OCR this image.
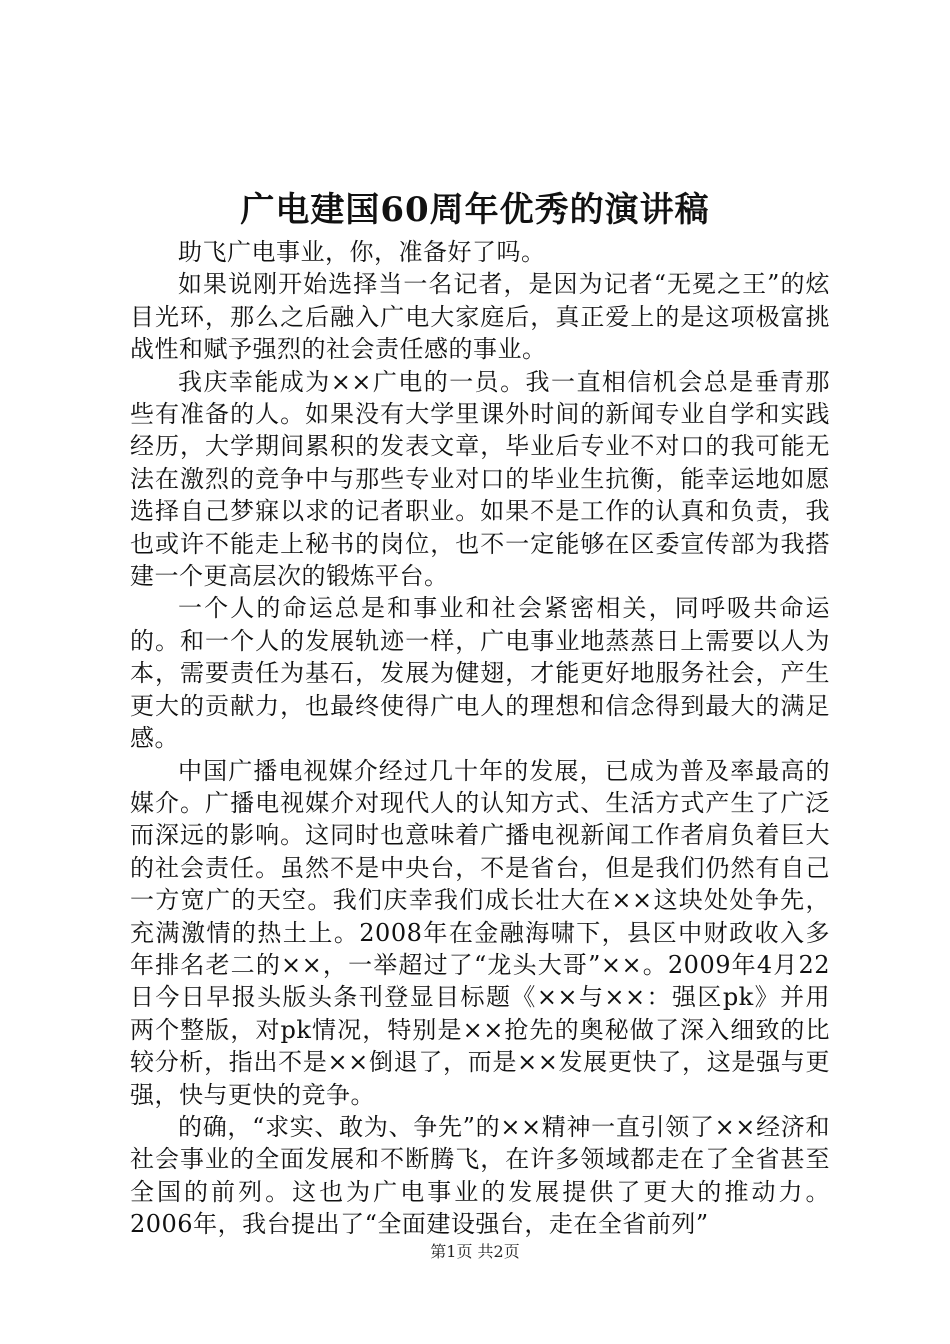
广电建国60周年优秀的演讲稿

助飞广电事业，你，准备好了吗。

如果说刚开始选择当一名记者，是因为记者“无冕之王”的炫目光环，那么之后融入广电大家庭后，真正爱上的是这项极富挑战性和赋予强烈的社会责任感的事业。

我庆幸能成为××广电的一员。我一直相信机会总是垂青那些有准备的人。如果没有大学里课外时间的新闻专业自学和实践经历，大学期间累积的发表文章，毕业后专业不对口的我可能无法在激烈的竞争中与那些专业对口的毕业生抗衡，能幸运地如愿选择自己梦寐以求的记者职业。如果不是工作的认真和负责，我也或许不能走上秘书的岗位，也不一定能够在区委宣传部为我搭建一个更高层次的锻炼平台。

一个人的命运总是和事业和社会紧密相关，同呼吸共命运的。和一个人的发展轨迹一样，广电事业地蒸蒸日上需要以人为本，需要责任为基石，发展为健翅，才能更好地服务社会，产生更大的贡献力，也最终使得广电人的理想和信念得到最大的满足感。

中国广播电视媒介经过几十年的发展，已成为普及率最高的媒介。广播电视媒介对现代人的认知方式、生活方式产生了广泛而深远的影响。这同时也意味着广播电视新闻工作者肩负着巨大的社会责任。虽然不是中央台，不是省台，但是我们仍然有自己一方宽广的天空。我们庆幸我们成长壮大在××这块处处争先，充满激情的热土上。2008年在金融海啸下，县区中财政收入多年排名老二的××，一举超过了“龙头大哥”××。2009年4月22日今日早报头版头条刊登显目标题《××与××：强区pk》并用两个整版，对pk情况，特别是××抢先的奥秘做了深入细致的比较分析，指出不是××倒退了，而是××发展更快了，这是强与更强，快与更快的竞争。

的确，“求实、敢为、争先”的××精神一直引领了××经济和社会事业的全面发展和不断腾飞，在许多领域都走在了全省甚至全国的前列。这也为广电事业的发展提供了更大的推动力。2006年，我台提出了“全面建设强台，走在全省前列”

第1页 共2页
